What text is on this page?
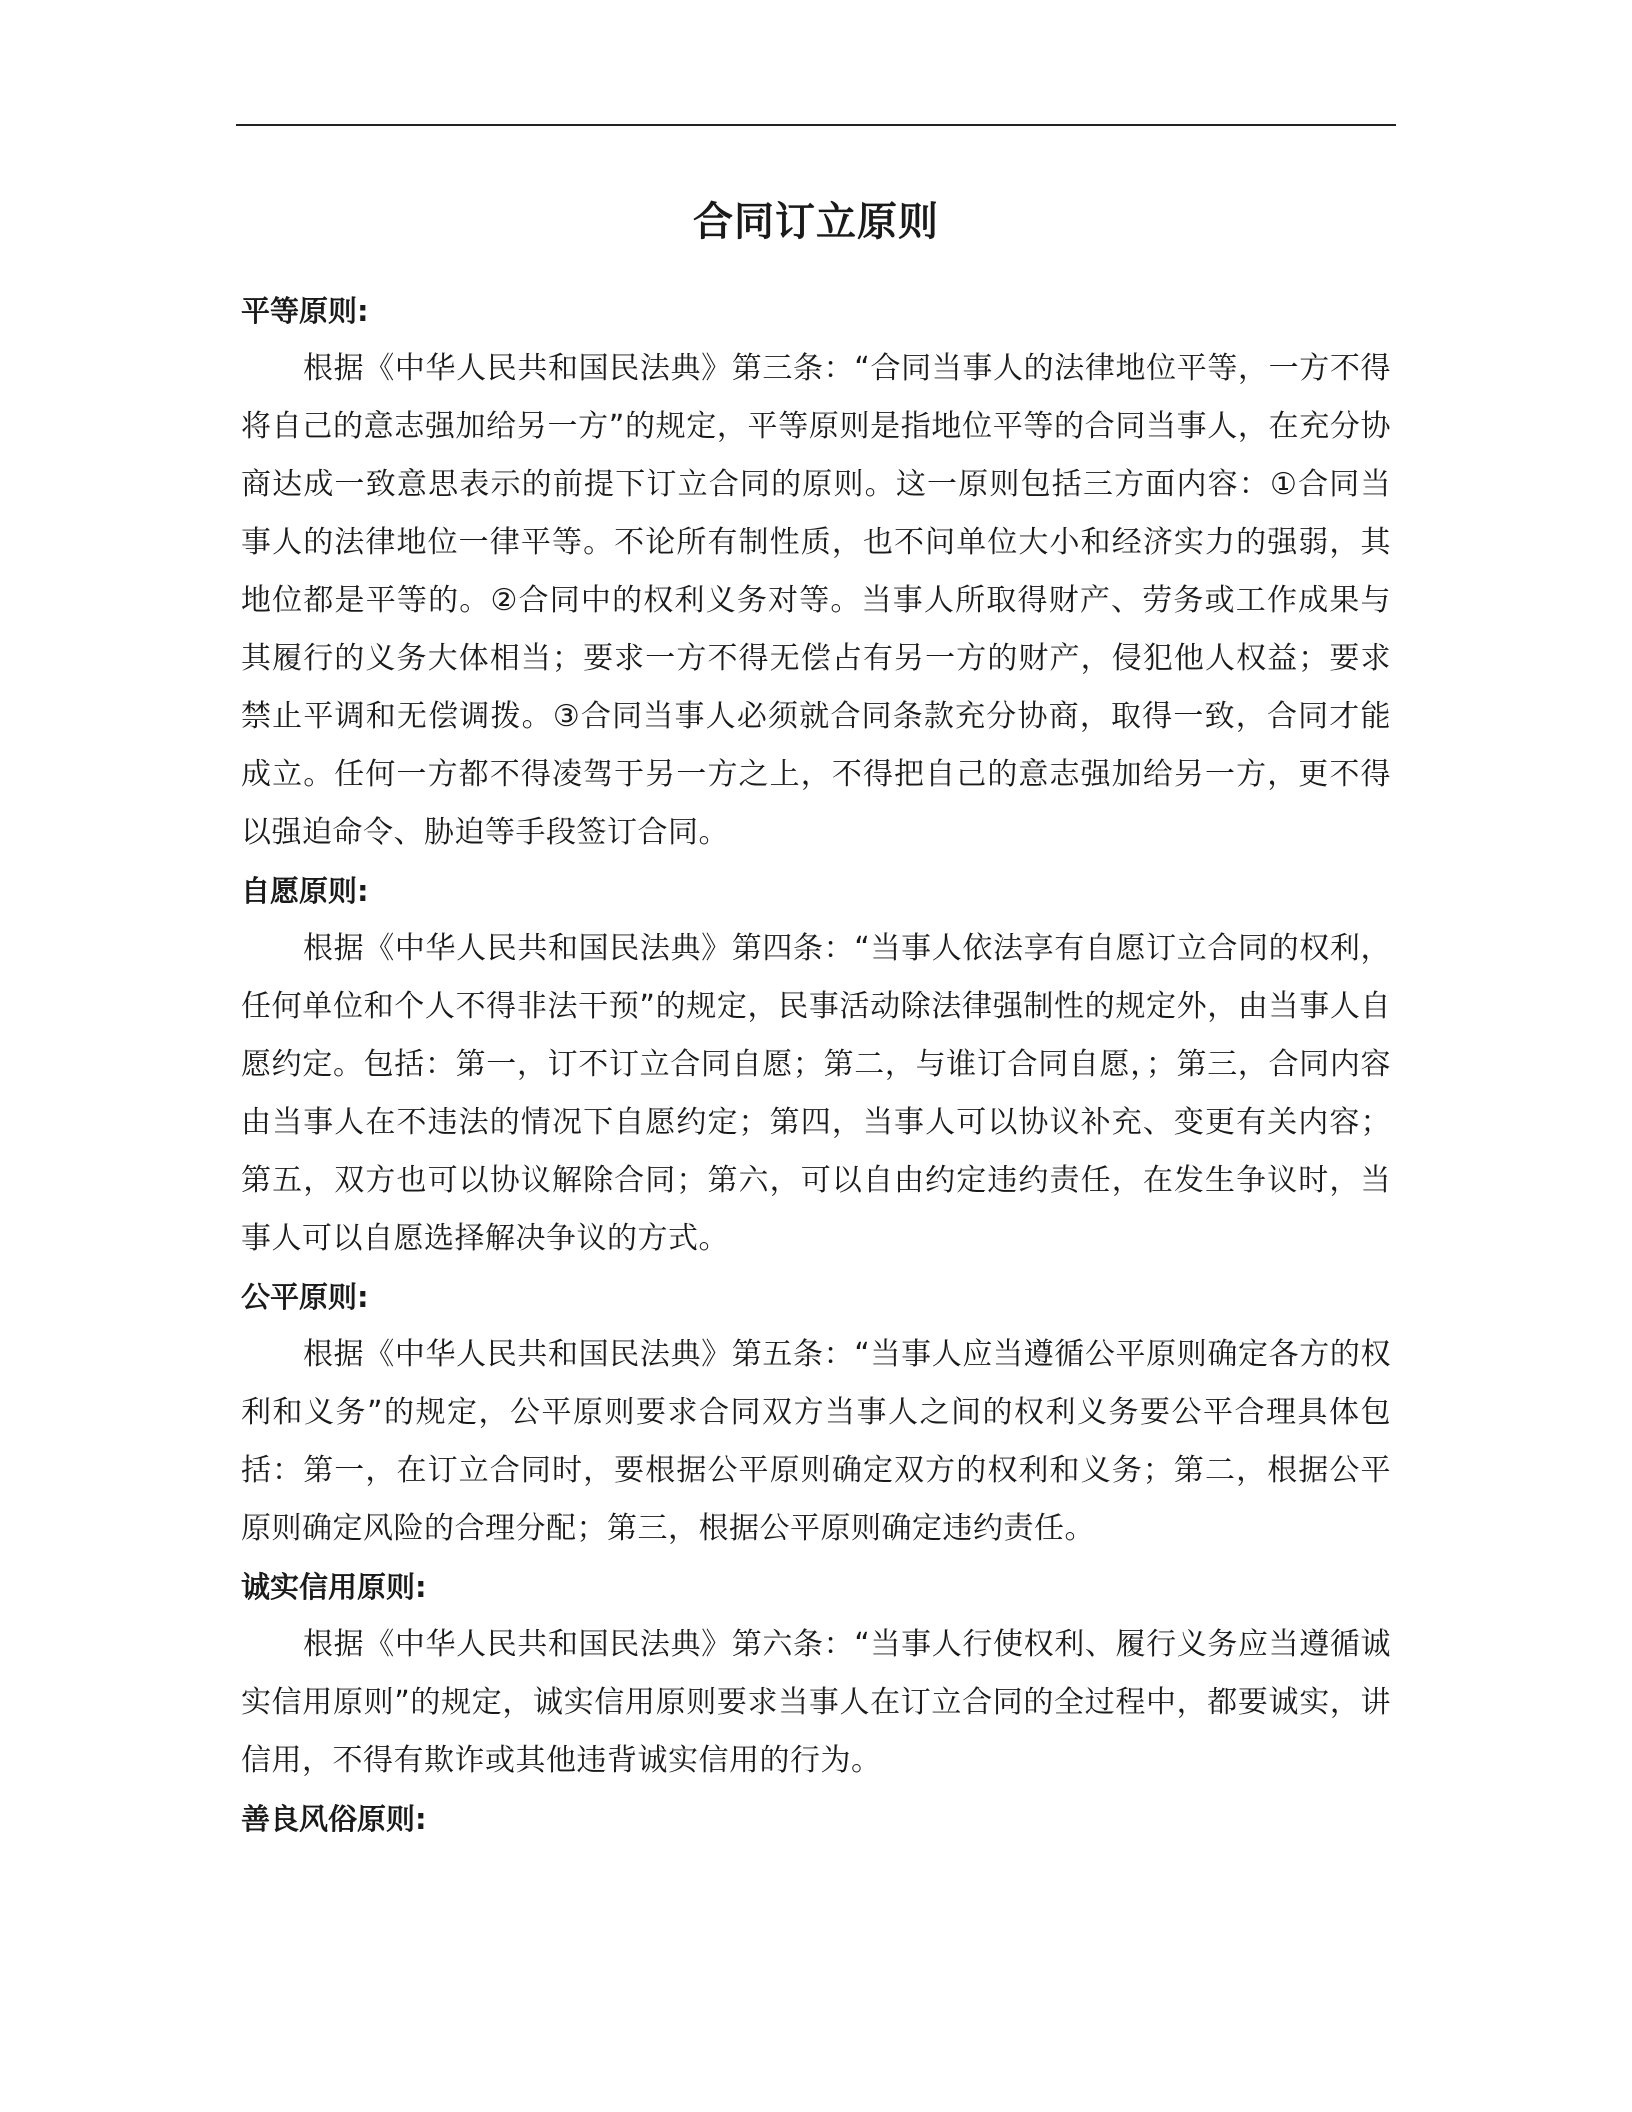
合同订立原则
平等原则:

根据《中华人民共和国民法典》第三条：“合同当事人的法律地位平等，一方不得将自己的意志强加给另一方”的规定，平等原则是指地位平等的合同当事人，在充分协商达成一致意思表示的前提下订立合同的原则。这一原则包括三方面内容：①合同当事人的法律地位一律平等。不论所有制性质，也不问单位大小和经济实力的强弱，其地位都是平等的。②合同中的权利义务对等。当事人所取得财产、劳务或工作成果与其履行的义务大体相当；要求一方不得无偿占有另一方的财产，侵犯他人权益；要求禁止平调和无偿调拨。③合同当事人必须就合同条款充分协商，取得一致，合同才能成立。任何一方都不得凌驾于另一方之上，不得把自己的意志强加给另一方，更不得以强迫命令、胁迫等手段签订合同。

自愿原则:

根据《中华人民共和国民法典》第四条：“当事人依法享有自愿订立合同的权利，任何单位和个人不得非法干预”的规定，民事活动除法律强制性的规定外，由当事人自愿约定。包括：第一，订不订立合同自愿；第二，与谁订合同自愿，；第三，合同内容由当事人在不违法的情况下自愿约定；第四，当事人可以协议补充、变更有关内容；第五，双方也可以协议解除合同；第六，可以自由约定违约责任，在发生争议时，当事人可以自愿选择解决争议的方式。

公平原则:

根据《中华人民共和国民法典》第五条：“当事人应当遵循公平原则确定各方的权利和义务”的规定，公平原则要求合同双方当事人之间的权利义务要公平合理具体包括：第一，在订立合同时，要根据公平原则确定双方的权利和义务；第二，根据公平原则确定风险的合理分配；第三，根据公平原则确定违约责任。

诚实信用原则:

根据《中华人民共和国民法典》第六条：“当事人行使权利、履行义务应当遵循诚实信用原则”的规定，诚实信用原则要求当事人在订立合同的全过程中，都要诚实，讲信用，不得有欺诈或其他违背诚实信用的行为。

善良风俗原则:
